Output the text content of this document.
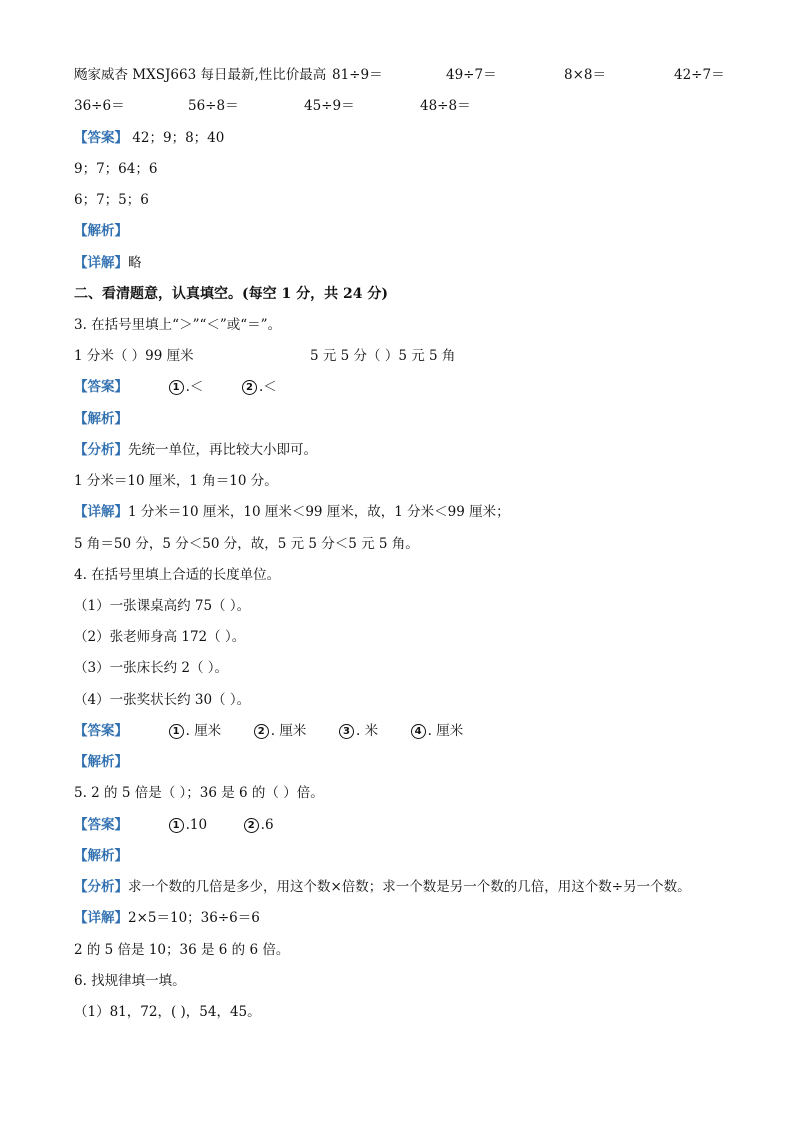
飏家威杏 MXSJ663 每日最新,性比价最高 81÷9＝	49÷7＝	8×8＝	42÷7＝
36÷6＝	56÷8＝	45÷9＝	48÷8＝
【答案】 42；9；8；40
9；7；64；6
6；7；5；6
【解析】
【详解】略
二、看清题意，认真填空。(每空 1 分，共 24 分)
3. 在括号里填上“＞”“＜”或“＝”。
1 分米（ ）99 厘米	5 元 5 分（ ）5 元 5 角
【答案】	1 .＜	2 .＜
【解析】
【分析】先统一单位，再比较大小即可。
1 分米＝10 厘米，1 角＝10 分。
【详解】1 分米＝10 厘米，10 厘米＜99 厘米，故，1 分米＜99 厘米；
5 角＝50 分，5 分＜50 分，故，5 元 5 分＜5 元 5 角。
4. 在括号里填上合适的长度单位。
（1）一张课桌高约 75（ ）。
（2）张老师身高 172（ ）。
（3）一张床长约 2（ ）。
（4）一张奖状长约 30（ ）。
【答案】	1 . 厘米	2 . 厘米	3 . 米	4 . 厘米
【解析】
5. 2 的 5 倍是（ ）；36 是 6 的（ ）倍。
【答案】	1 .10	2 .6
【解析】
【分析】求一个数的几倍是多少，用这个数×倍数；求一个数是另一个数的几倍，用这个数÷另一个数。
【详解】2×5＝10；36÷6＝6
2 的 5 倍是 10；36 是 6 的 6 倍。
6. 找规律填一填。
（1）81，72，( )，54，45。
